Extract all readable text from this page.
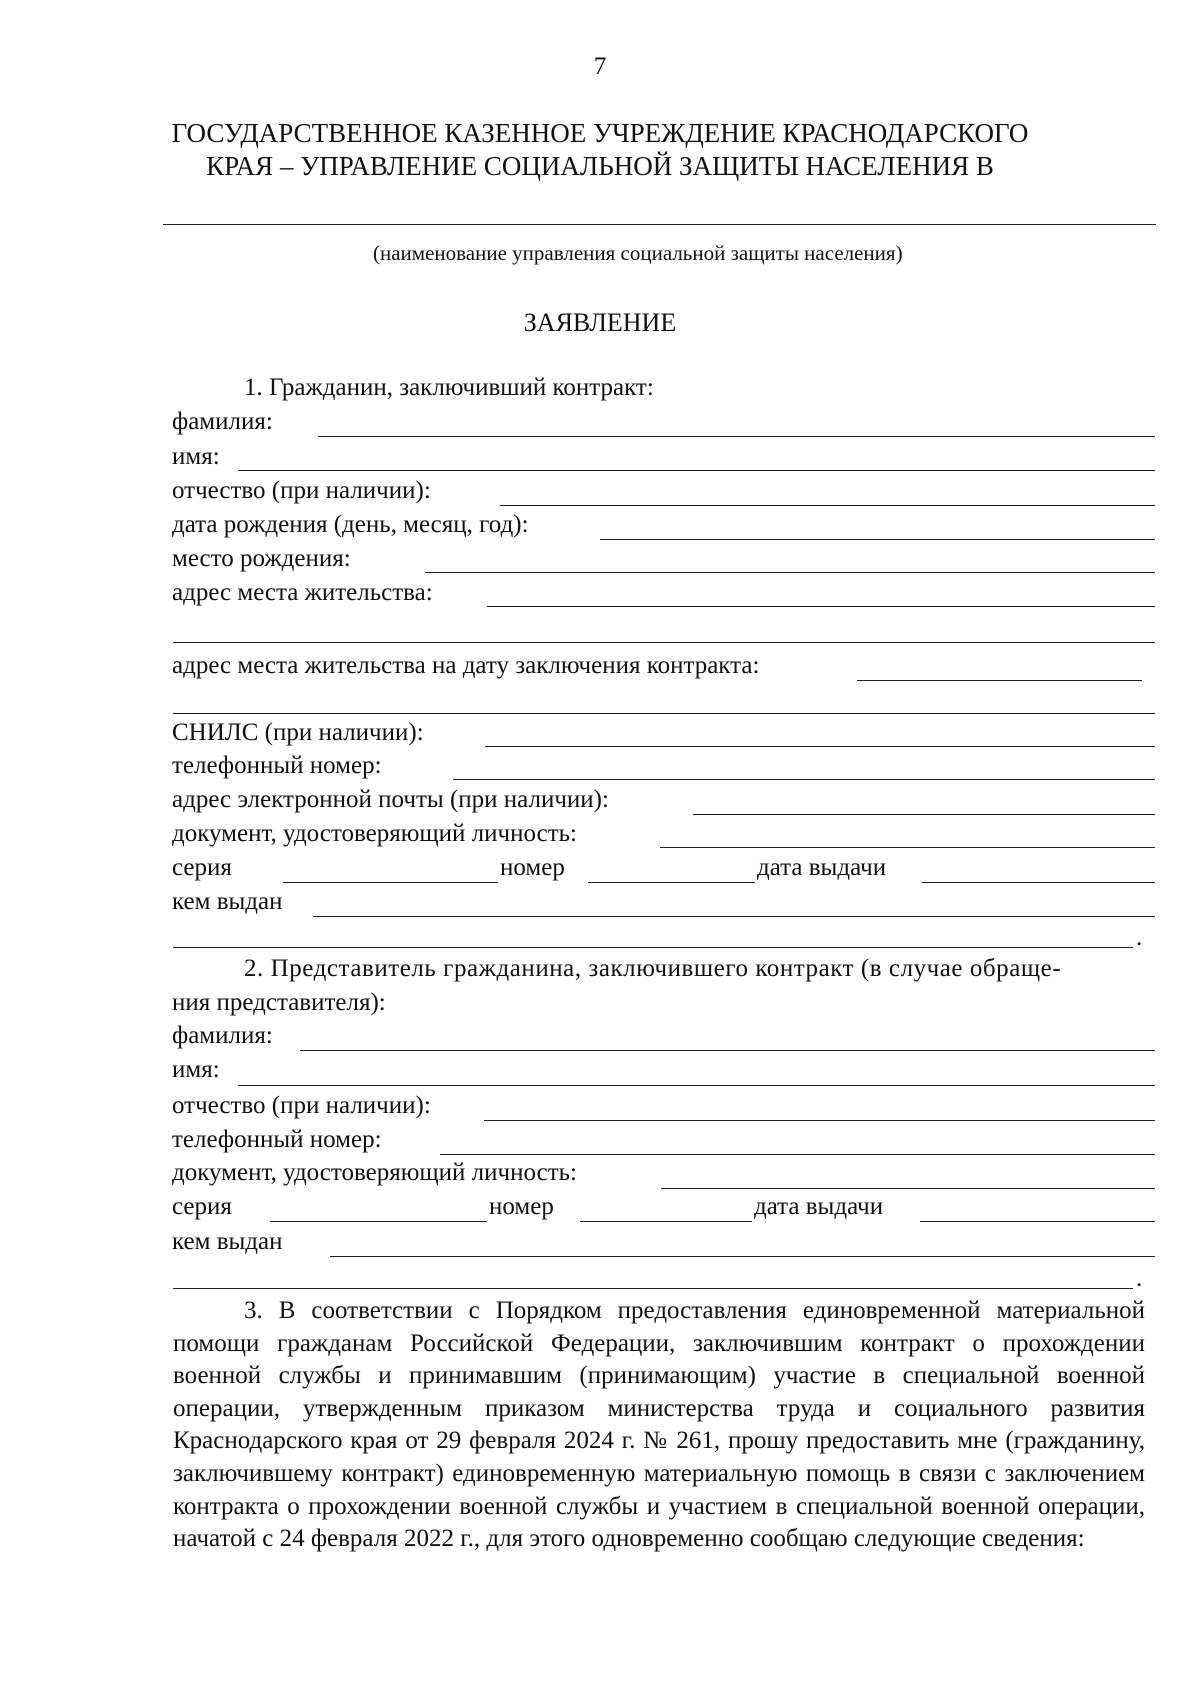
7
ГОСУДАРСТВЕННОЕ КАЗЕННОЕ УЧРЕЖДЕНИЕ КРАСНОДАРСКОГО
КРАЯ – УПРАВЛЕНИЕ СОЦИАЛЬНОЙ ЗАЩИТЫ НАСЕЛЕНИЯ В
(наименование управления социальной защиты населения)
ЗАЯВЛЕНИЕ
1. Гражданин, заключивший контракт:
фамилия:
имя:
отчество (при наличии):
дата рождения (день, месяц, год):
место рождения:
адрес места жительства:
адрес места жительства на дату заключения контракта:
СНИЛС (при наличии):
телефонный номер:
адрес электронной почты (при наличии):
документ, удостоверяющий личность:
серия	номер	дата выдачи
кем выдан
.
2. Представитель гражданина, заключившего контракт (в случае обраще-
ния представителя):
фамилия:
имя:
отчество (при наличии):
телефонный номер:
документ, удостоверяющий личность:
серия	номер	дата выдачи
кем выдан
.
3. В соответствии с Порядком предоставления единовременной материальной помощи гражданам Российской Федерации, заключившим контракт о прохождении военной службы и принимавшим (принимающим) участие в специальной военной операции, утвержденным приказом министерства труда и социального развития Краснодарского края от 29 февраля 2024 г. № 261, прошу предоставить мне (гражданину, заключившему контракт) единовременную материальную помощь в связи с заключением контракта о прохождении военной службы и участием в специальной военной операции, начатой с 24 февраля 2022 г., для этого одновременно сообщаю следующие сведения:
